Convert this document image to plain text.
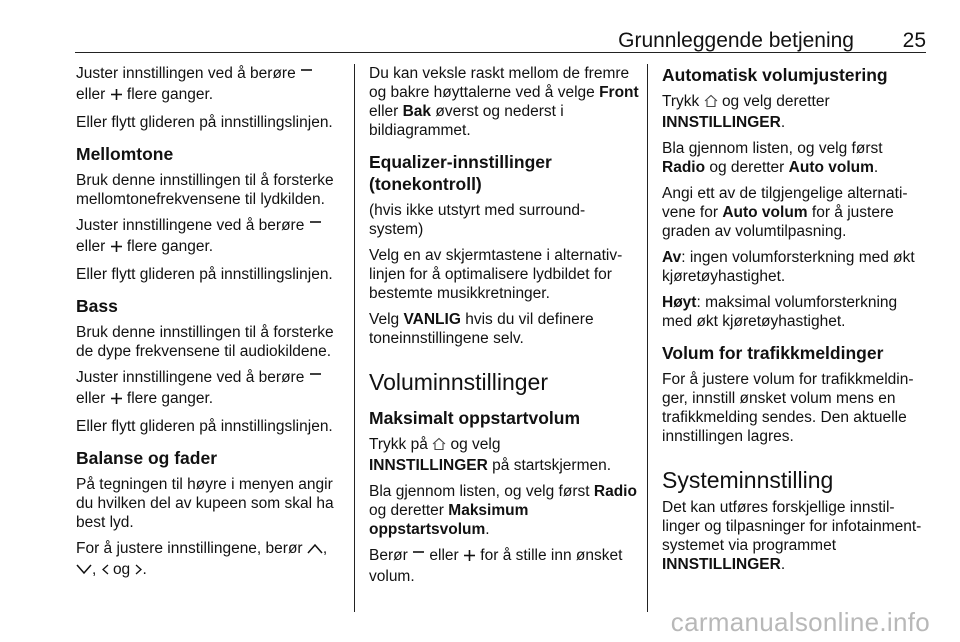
Grunnleggende betjening 25

Juster innstillingen ved å berøre
eller flere ganger.

Eller flytt glideren på innstillingslinjen.

Mellomtone

Bruk denne innstillingen til å forsterke mellomtonefrekvensene til lydkilden.

Juster innstillingene ved å berøre
eller flere ganger.

Eller flytt glideren på innstillingslinjen.

Bass

Bruk denne innstillingen til å forsterke de dype frekvensene til audiokildene.

Juster innstillingene ved å berøre
eller flere ganger.

Eller flytt glideren på innstillingslinjen.

Balanse og fader

På tegningen til høyre i menyen angir du hvilken del av kupeen som skal ha best lyd.

For å justere innstillingene, berør ,
,  og .

Du kan veksle raskt mellom de fremre og bakre høyttalerne ved å velge Front eller Bak øverst og nederst i bildiagrammet.

Equalizer-innstillinger (tonekontroll)

(hvis ikke utstyrt med surround-system)

Velg en av skjermtastene i alternativ-linjen for å optimalisere lydbildet for bestemte musikkretninger.

Velg VANLIG hvis du vil definere toneinnstillingene selv.

Voluminnstillinger
Maksimalt oppstartvolum

Trykk på og velg
INNSTILLINGER på startskjermen.

Bla gjennom listen, og velg først Radio og deretter Maksimum oppstartsvolum.

Berør eller for å stille inn ønsket volum.

Automatisk volumjustering

Trykk og velg deretter
INNSTILLINGER.

Bla gjennom listen, og velg først Radio og deretter Auto volum.

Angi ett av de tilgjengelige alternati-vene for Auto volum for å justere graden av volumtilpasning.

Av: ingen volumforsterkning med økt kjøretøyhastighet.

Høyt: maksimal volumforsterkning med økt kjøretøyhastighet.

Volum for trafikkmeldinger

For å justere volum for trafikkmeldin-ger, innstill ønsket volum mens en trafikkmelding sendes. Den aktuelle innstillingen lagres.

Systeminnstilling

Det kan utføres forskjellige innstil-linger og tilpasninger for infotainment-systemet via programmet
INNSTILLINGER.

carmanualsonline.info
